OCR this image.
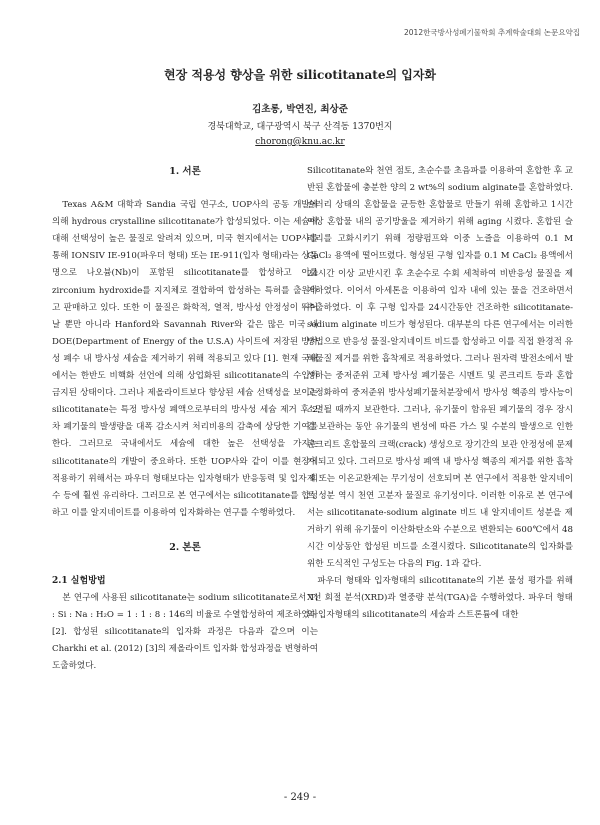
2012한국방사성폐기물학회 추계학술대회 논문요약집
현장 적용성 향상을 위한 silicotitanate의 입자화
김초롱, 박연진, 최상준
경북대학교, 대구광역시 북구 산격동 1370번지
chorong@knu.ac.kr

1. 서론

Texas A&M 대학과 Sandia 국립 연구소, UOP사의 공동 개발에 의해 hydrous crystalline silicotitanate가 합성되었다. 이는 세슘에 대해 선택성이 높은 물질로 알려져 있으며, 미국 현지에서는 UOP사를 통해 IONSIV IE-910(파우더 형태) 또는 IE-911(입자 형태)라는 상품명으로 나오븀(Nb)이 포함된 silicotitanate를 합성하고 이를 zirconium hydroxide를 지지체로 결합하여 합성하는 특허를 출원하고 판매하고 있다. 또한 이 물질은 화학적, 열적, 방사성 안정성이 뛰어날 뿐만 아니라 Hanford와 Savannah River와 같은 많은 미국 내 DOE(Department of Energy of the U.S.A) 사이트에 저장된 방사성 폐수 내 방사성 세슘을 제거하기 위해 적용되고 있다 [1]. 현재 국내에서는 한반도 비핵화 선언에 의해 상업화된 silicotitanate의 수입이 금지된 상태이다. 그러나 제올라이트보다 향상된 세슘 선택성을 보이는 silicotitanate는 특정 방사성 폐액으로부터의 방사성 세슘 제거 후 2차 폐기물의 발생량을 대폭 감소시켜 처리비용의 감축에 상당한 기여를 한다. 그러므로 국내에서도 세슘에 대한 높은 선택성을 가지는 silicotitanate의 개발이 중요하다. 또한 UOP사와 같이 이를 현장에 적용하기 위해서는 파우더 형태보다는 입자형태가 반응동력 및 입자 회수 등에 훨씬 유리하다. 그러므로 본 연구에서는 silicotitanate를 합성하고 이를 알지네이트를 이용하여 입자화하는 연구를 수행하였다.

2. 본론

2.1 실험방법

본 연구에 사용된 silicotitanate는 sodium silicotitanate로서 Ti : Si : Na : H₂O = 1 : 1 : 8 : 146의 비율로 수열합성하여 제조하였다 [2]. 합성된 silicotitanate의 입자화 과정은 다음과 같으며 이는 Charkhi et al. (2012) [3]의 제올라이트 입자화 합성과정을 변형하여 도출하였다.

Silicotitanate와 천연 점토, 초순수를 초음파를 이용하여 혼합한 후 교반된 혼합물에 충분한 양의 2 wt%의 sodium alginate를 혼합하였다. 슬러리 상태의 혼합물을 균등한 혼합물로 만들기 위해 혼합하고 1시간 이상 혼합물 내의 공기방울을 제거하기 위해 aging 시켰다. 혼합된 슬러리를 고화시키기 위해 정량펌프와 이중 노즐을 이용하여 0.1 M CaCl₂ 용액에 떨어뜨렸다. 형성된 구형 입자를 0.1 M CaCl₂ 용액에서 24시간 이상 교반시킨 후 초순수로 수회 세척하여 비반응성 물질을 제거하였다. 이어서 아세톤을 이용하여 입자 내에 있는 물을 건조하면서 추출하였다. 이 후 구형 입자를 24시간동안 건조하한 silicotitanate-sodium alginate 비드가 형성된다. 대부분의 다른 연구에서는 이러한 방법으로 반응성 물질-알지네이트 비드를 합성하고 이를 직접 환경적 유해물질 제거를 위한 흡착제로 적용하였다. 그러나 원자력 발전소에서 발생하는 중저준위 고체 방사성 폐기물은 시멘트 및 콘크리트 등과 혼합 고정화하여 중저준위 방사성폐기물처분장에서 방사성 핵종의 방사능이 소멸될 때까지 보관한다. 그러나, 유기물이 함유된 폐기물의 경우 장시간 보관하는 동안 유기물의 변성에 따른 가스 및 수분의 발생으로 인한 콘크리트 혼합물의 크랙(crack) 생성으로 장기간의 보관 안정성에 문제가 되고 있다. 그러므로 방사성 폐액 내 방사성 핵종의 제거를 위한 흡착제 또는 이온교환제는 무기성이 선호되며 본 연구에서 적용한 알지네이트 성분 역시 천연 고분자 물질로 유기성이다. 이러한 이유로 본 연구에서는 silicotitanate-sodium alginate 비드 내 알지네이트 성분을 제거하기 위해 유기물이 이산화탄소와 수분으로 변환되는 600℃에서 48시간 이상동안 합성된 비드를 소결시켰다. Silicotitanate의 입자화를 위한 도식적인 구성도는 다음의 Fig. 1과 같다.

파우더 형태와 입자형태의 silicotitanate의 기본 물성 평가를 위해 X선 회절 분석(XRD)과 열중량 분석(TGA)을 수행하였다. 파우더 형태와 입자형태의 silicotitanate의 세슘과 스트론튬에 대한

- 249 -
